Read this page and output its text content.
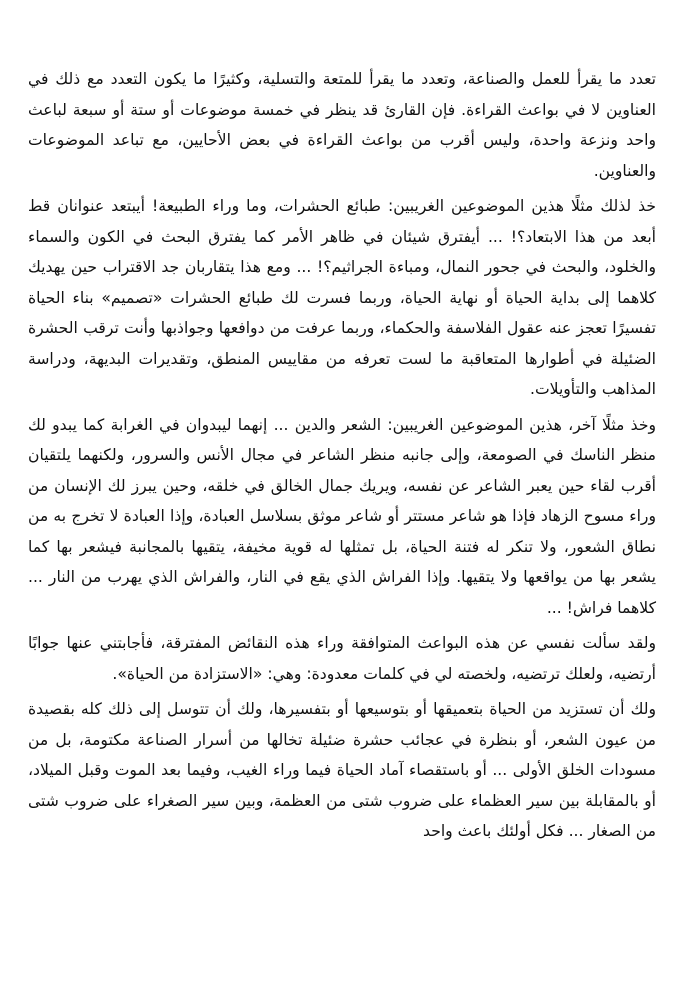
تعدد ما يقرأ للعمل والصناعة، وتعدد ما يقرأ للمتعة والتسلية، وكثيرًا ما يكون التعدد مع ذلك في العناوين لا في بواعث القراءة. فإن القارئ قد ينظر في خمسة موضوعات أو ستة أو سبعة لباعث واحد ونزعة واحدة، وليس أقرب من بواعث القراءة في بعض الأحايين، مع تباعد الموضوعات والعناوين.

خذ لذلك مثلًا هذين الموضوعين الغريبين: طبائع الحشرات، وما وراء الطبيعة! أيبتعد عنوانان قط أبعد من هذا الابتعاد؟! ... أيفترق شيئان في ظاهر الأمر كما يفترق البحث في الكون والسماء والخلود، والبحث في جحور النمال، ومباءة الجراثيم؟! ... ومع هذا يتقاربان جد الاقتراب حين يهديك كلاهما إلى بداية الحياة أو نهاية الحياة، وربما فسرت لك طبائع الحشرات «تصميم» بناء الحياة تفسيرًا تعجز عنه عقول الفلاسفة والحكماء، وربما عرفت من دوافعها وجواذبها وأنت ترقب الحشرة الضئيلة في أطوارها المتعاقبة ما لست تعرفه من مقاييس المنطق، وتقديرات البديهة، ودراسة المذاهب والتأويلات.

وخذ مثلًا آخر، هذين الموضوعين الغريبين: الشعر والدين ... إنهما ليبدوان في الغرابة كما يبدو لك منظر الناسك في الصومعة، وإلى جانبه منظر الشاعر في مجال الأنس والسرور، ولكنهما يلتقيان أقرب لقاء حين يعبر الشاعر عن نفسه، ويريك جمال الخالق في خلقه، وحين يبرز لك الإنسان من وراء مسوح الزهاد فإذا هو شاعر مستتر أو شاعر موثق بسلاسل العبادة، وإذا العبادة لا تخرج به من نطاق الشعور، ولا تنكر له فتنة الحياة، بل تمثلها له قوية مخيفة، يتقيها بالمجانبة فيشعر بها كما يشعر بها من يواقعها ولا يتقيها. وإذا الفراش الذي يقع في النار، والفراش الذي يهرب من النار ... كلاهما فراش! ...

ولقد سألت نفسي عن هذه البواعث المتوافقة وراء هذه النقائض المفترقة، فأجابتني عنها جوابًا أرتضيه، ولعلك ترتضيه، ولخصته لي في كلمات معدودة: وهي: «الاستزادة من الحياة».

ولك أن تستزيد من الحياة بتعميقها أو بتوسيعها أو بتفسيرها، ولك أن تتوسل إلى ذلك كله بقصيدة من عيون الشعر، أو بنظرة في عجائب حشرة ضئيلة تخالها من أسرار الصناعة مكتومة، بل من مسودات الخلق الأولى ... أو باستقصاء آماد الحياة فيما وراء الغيب، وفيما بعد الموت وقبل الميلاد، أو بالمقابلة بين سير العظماء على ضروب شتى من العظمة، وبين سير الصغراء على ضروب شتى من الصغار ... فكل أولئك باعث واحد
